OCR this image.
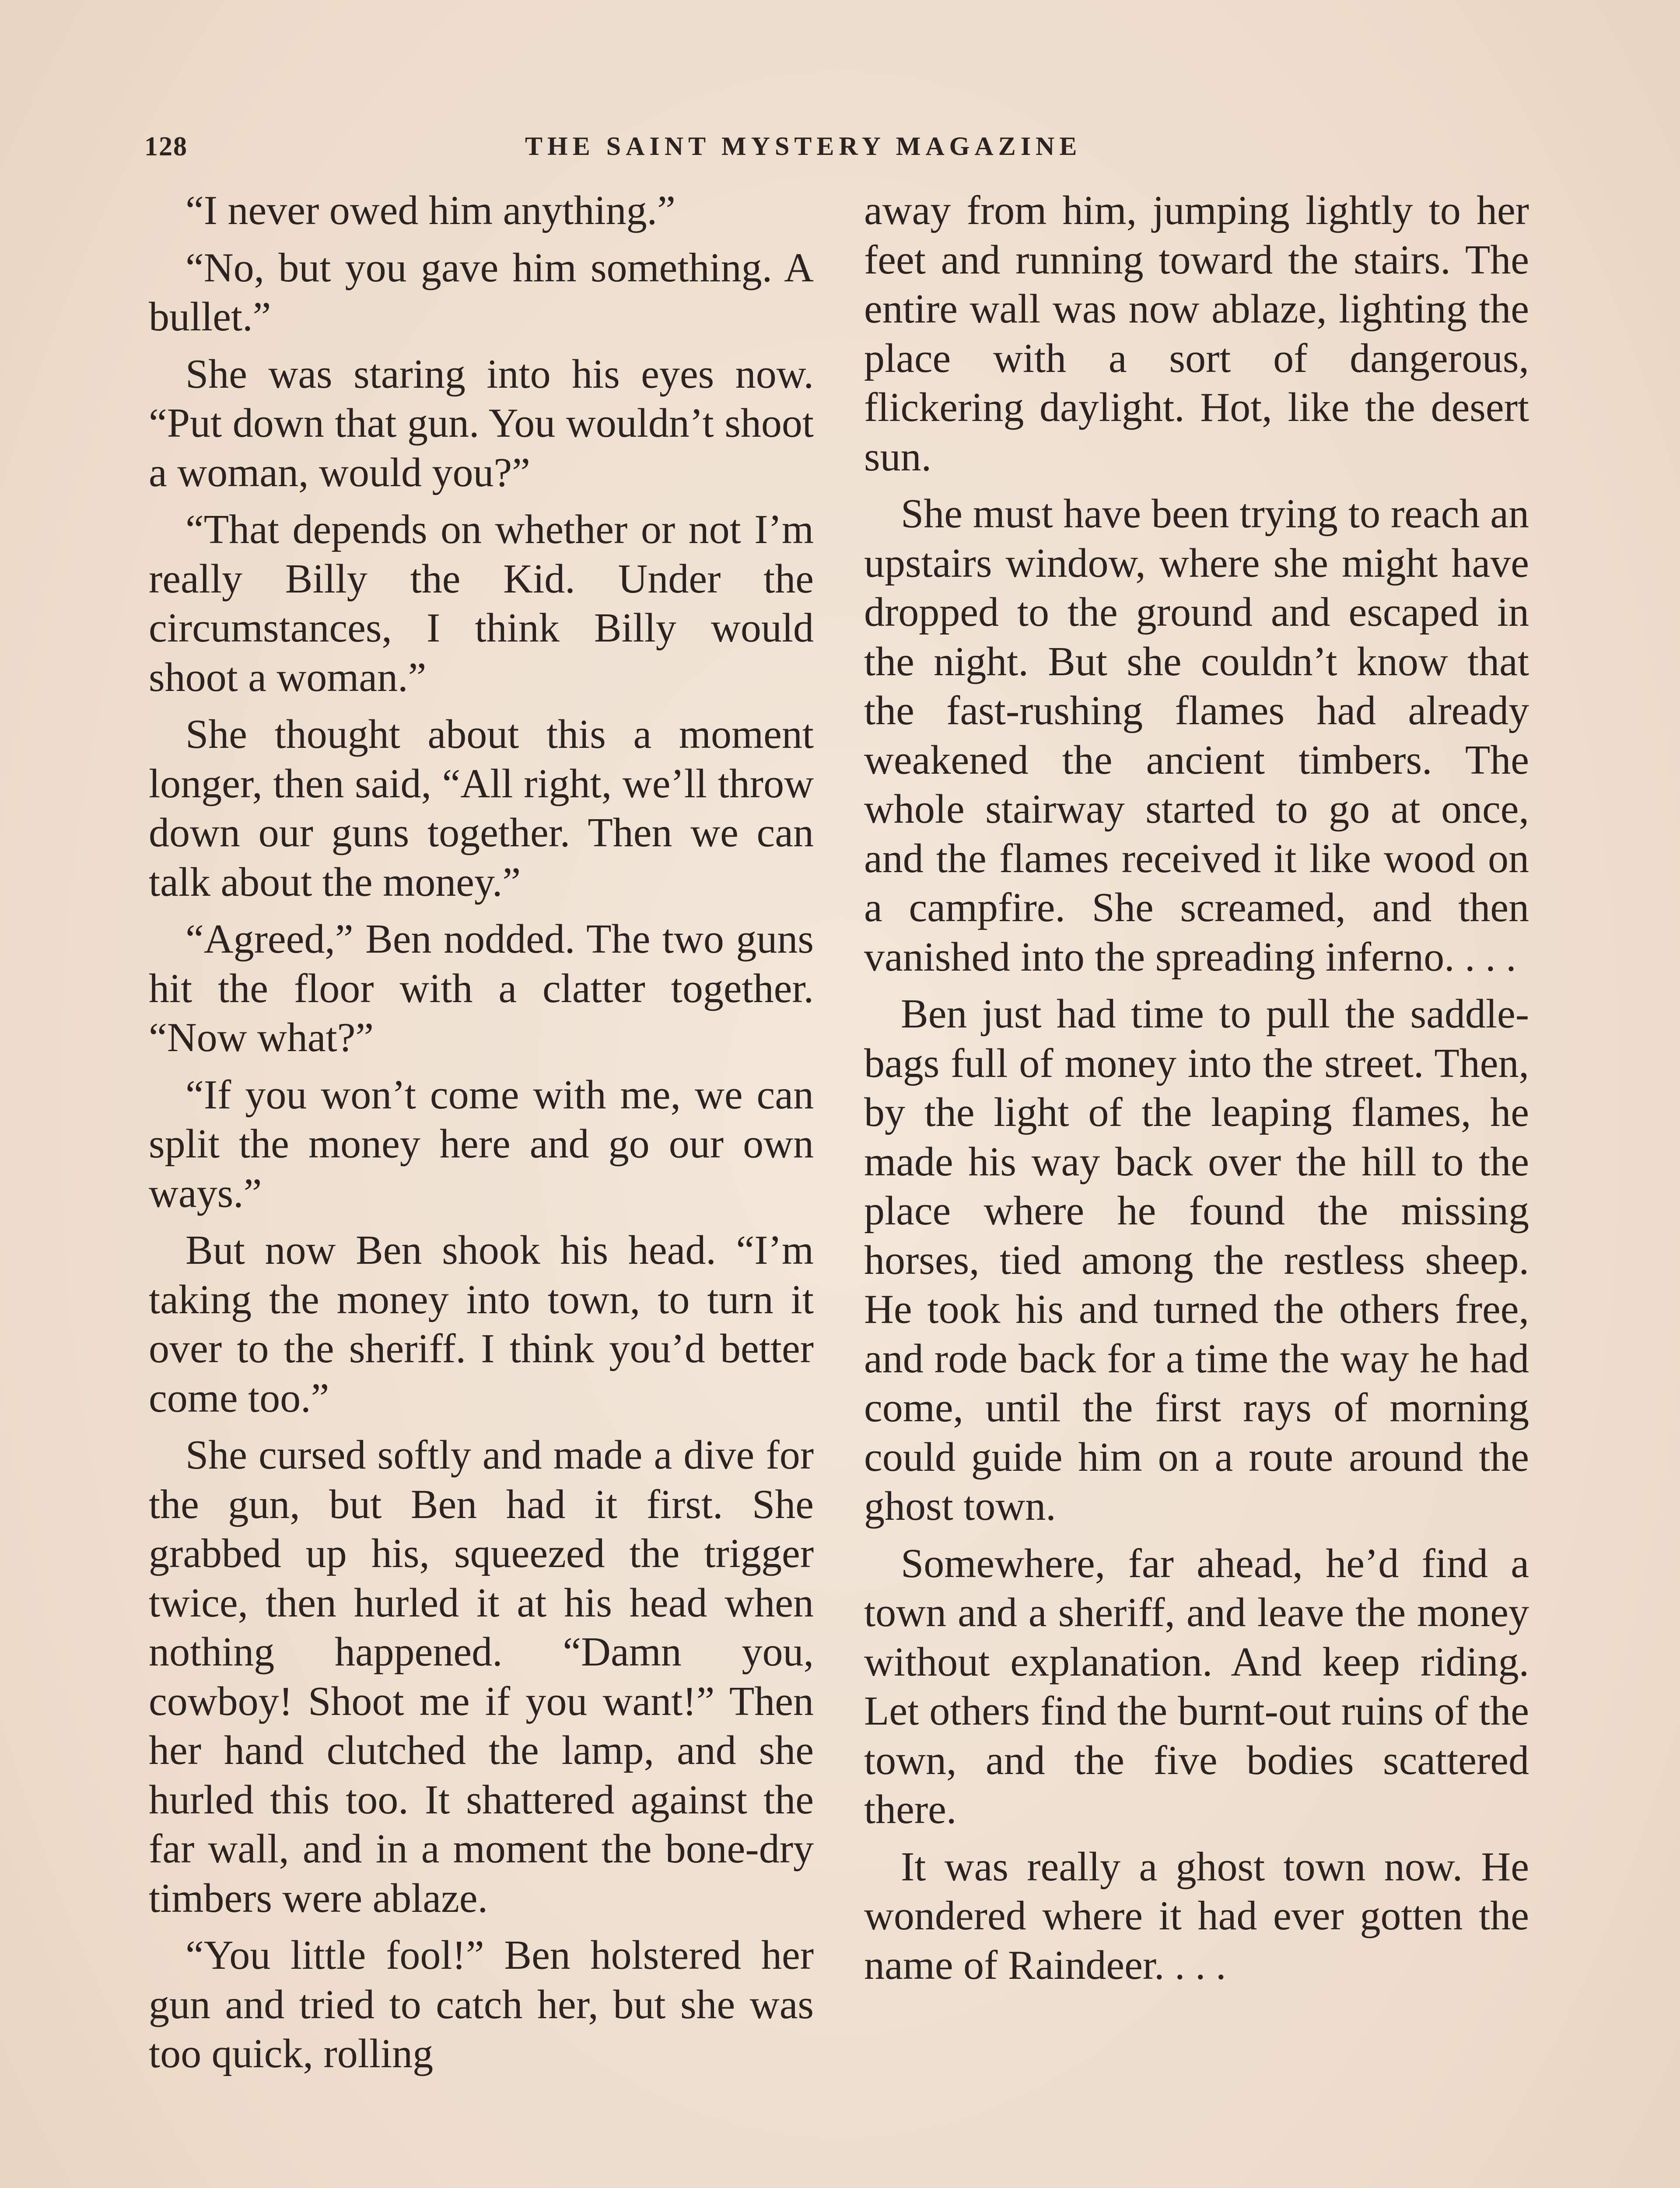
128	THE SAINT MYSTERY MAGAZINE

“I never owed him anything.”

“No, but you gave him something. A bullet.”

She was staring into his eyes now. “Put down that gun. You wouldn’t shoot a woman, would you?”

“That depends on whether or not I’m really Billy the Kid. Under the circumstances, I think Billy would shoot a woman.”

She thought about this a moment longer, then said, “All right, we’ll throw down our guns together. Then we can talk about the money.”

“Agreed,” Ben nodded. The two guns hit the floor with a clatter together. “Now what?”

“If you won’t come with me, we can split the money here and go our own ways.”

But now Ben shook his head. “I’m taking the money into town, to turn it over to the sheriff. I think you’d better come too.”

She cursed softly and made a dive for the gun, but Ben had it first. She grabbed up his, squeezed the trigger twice, then hurled it at his head when nothing happened. “Damn you, cowboy! Shoot me if you want!” Then her hand clutched the lamp, and she hurled this too. It shattered against the far wall, and in a moment the bone-dry timbers were ablaze.

“You little fool!” Ben holstered her gun and tried to catch her, but she was too quick, rolling

away from him, jumping lightly to her feet and running toward the stairs. The entire wall was now ablaze, lighting the place with a sort of dangerous, flickering daylight. Hot, like the desert sun.

She must have been trying to reach an upstairs window, where she might have dropped to the ground and escaped in the night. But she couldn’t know that the fast-rushing flames had already weakened the ancient timbers. The whole stairway started to go at once, and the flames received it like wood on a campfire. She screamed, and then vanished into the spreading inferno. . . .

Ben just had time to pull the saddle-bags full of money into the street. Then, by the light of the leaping flames, he made his way back over the hill to the place where he found the missing horses, tied among the restless sheep. He took his and turned the others free, and rode back for a time the way he had come, until the first rays of morning could guide him on a route around the ghost town.

Somewhere, far ahead, he’d find a town and a sheriff, and leave the money without explanation. And keep riding. Let others find the burnt-out ruins of the town, and the five bodies scattered there.

It was really a ghost town now. He wondered where it had ever gotten the name of Raindeer. . . .
